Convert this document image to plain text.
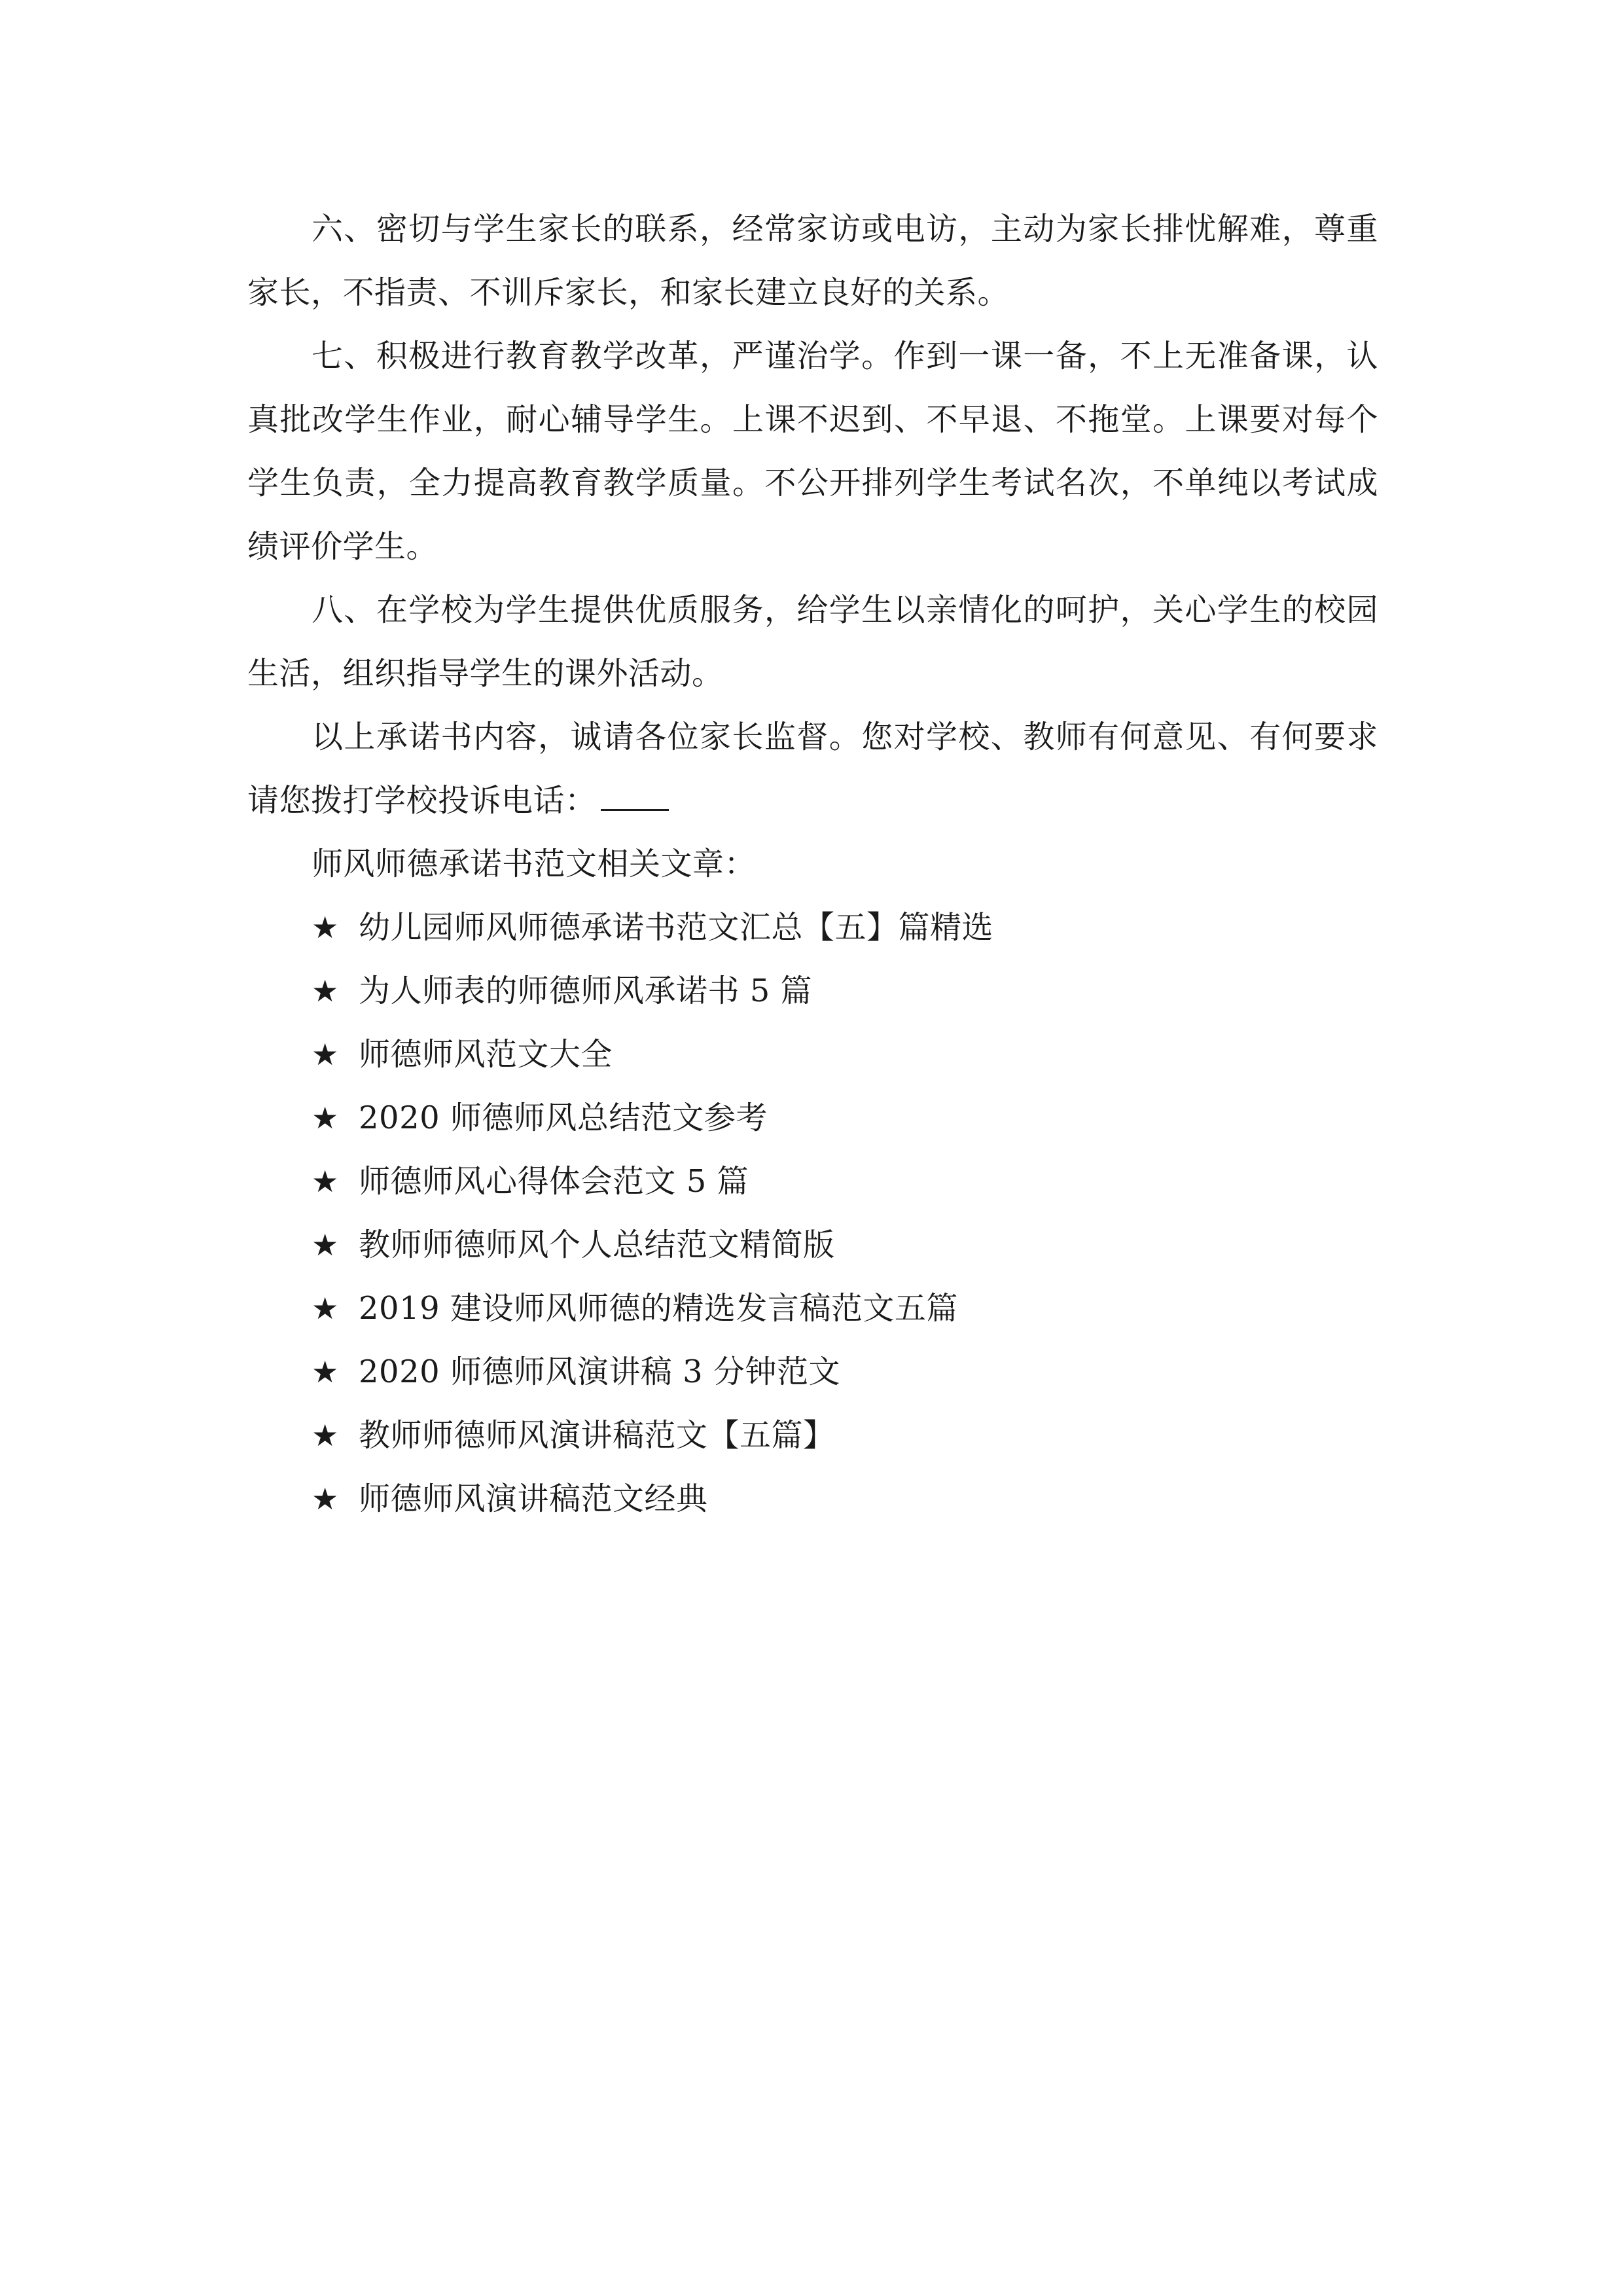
六、密切与学生家长的联系，经常家访或电访，主动为家长排忧解难，尊重家长，不指责、不训斥家长，和家长建立良好的关系。

七、积极进行教育教学改革，严谨治学。作到一课一备，不上无准备课，认真批改学生作业，耐心辅导学生。上课不迟到、不早退、不拖堂。上课要对每个学生负责，全力提高教育教学质量。不公开排列学生考试名次，不单纯以考试成绩评价学生。

八、在学校为学生提供优质服务，给学生以亲情化的呵护，关心学生的校园生活，组织指导学生的课外活动。

以上承诺书内容，诚请各位家长监督。您对学校、教师有何意见、有何要求请您拨打学校投诉电话：

师风师德承诺书范文相关文章：

★ 幼儿园师风师德承诺书范文汇总【五】篇精选
★ 为人师表的师德师风承诺书 5 篇
★ 师德师风范文大全
★ 2020 师德师风总结范文参考
★ 师德师风心得体会范文 5 篇
★ 教师师德师风个人总结范文精简版
★ 2019 建设师风师德的精选发言稿范文五篇
★ 2020 师德师风演讲稿 3 分钟范文
★ 教师师德师风演讲稿范文【五篇】
★ 师德师风演讲稿范文经典
